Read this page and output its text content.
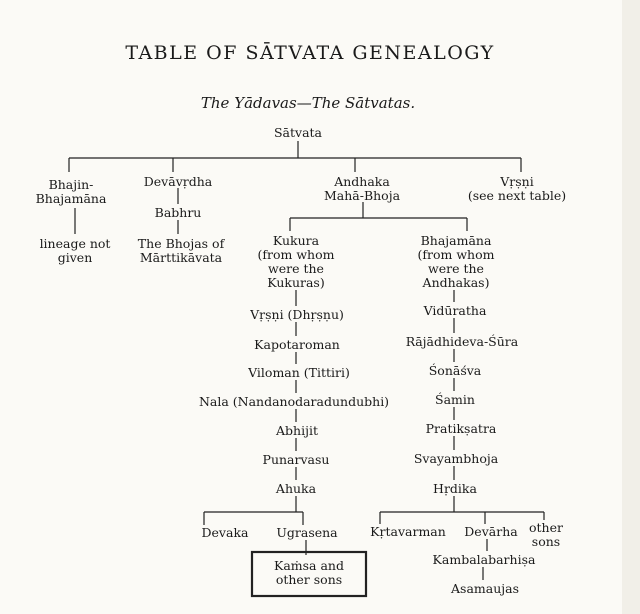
TABLE OF SĀTVATA GENEALOGY
The Yādavas—The Sātvatas.
Sātvata
Bhajin-
Bhajamāna
lineage not
given
Devāvṛdha
Babhru
The Bhojas of
Mārttikāvata
Andhaka
Mahā-Bhoja
Vṛṣṇi
(see next table)
Kukura
(from whom
were the
Kukuras)
Vṛṣṇi (Dhṛṣṇu)
Kapotaroman
Viloman (Tittiri)
Nala (Nandanodaradundubhi)
Abhijit
Punarvasu
Ahuka
Devaka Ugrasena
Kaṁsa and
other sons
Bhajamāna
(from whom
were the
Andhakas)
Vidūratha
Rājādhideva-Śūra
Śonāśva
Śamin
Pratikṣatra
Svayambhoja
Hṛdika
Kṛtavarman Devārha other
sons
Kambalabarhiṣa
Asamaujas
